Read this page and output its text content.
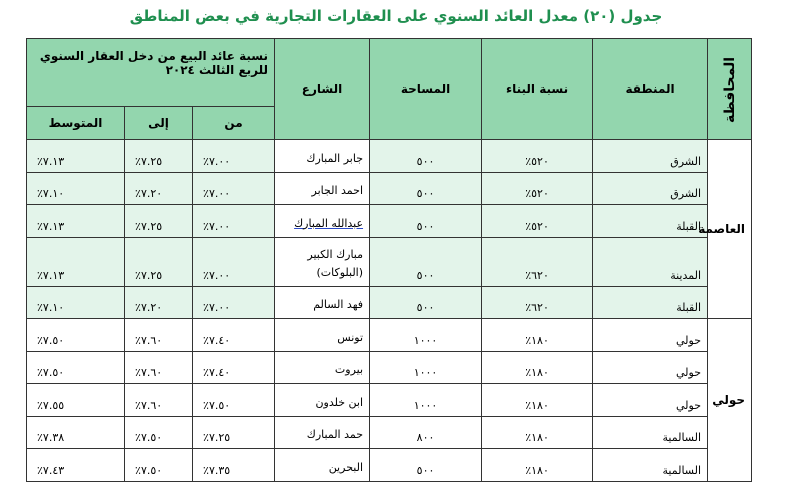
جدول (٢٠) معدل العائد السنوي على العقارات التجارية في بعض المناطق
المحافظة	المنطقة	نسبة البناء	المساحة	الشارع	نسبة عائد البيع من دخل العقار السنوي للربع الثالث ٢٠٢٤		
					من	إلى	المتوسط
العاصمة	الشرق	٥٢٠٪	٥٠٠	جابر المبارك	٧.٠٠٪	٧.٢٥٪	٧.١٣٪
	الشرق	٥٢٠٪	٥٠٠	احمد الجابر	٧.٠٠٪	٧.٢٠٪	٧.١٠٪
	القبلة	٥٢٠٪	٥٠٠	عبدالله المبارك	٧.٠٠٪	٧.٢٥٪	٧.١٣٪
	المدينة	٦٢٠٪	٥٠٠	مبارك الكبير (البلوكات)	٧.٠٠٪	٧.٢٥٪	٧.١٣٪
	القبلة	٦٢٠٪	٥٠٠	فهد السالم	٧.٠٠٪	٧.٢٠٪	٧.١٠٪
حولي	حولي	١٨٠٪	١٠٠٠	تونس	٧.٤٠٪	٧.٦٠٪	٧.٥٠٪
	حولي	١٨٠٪	١٠٠٠	بيروت	٧.٤٠٪	٧.٦٠٪	٧.٥٠٪
	حولي	١٨٠٪	١٠٠٠	ابن خلدون	٧.٥٠٪	٧.٦٠٪	٧.٥٥٪
	السالمية	١٨٠٪	٨٠٠	حمد المبارك	٧.٢٥٪	٧.٥٠٪	٧.٣٨٪
	السالمية	١٨٠٪	٥٠٠	البحرين	٧.٣٥٪	٧.٥٠٪	٧.٤٣٪
